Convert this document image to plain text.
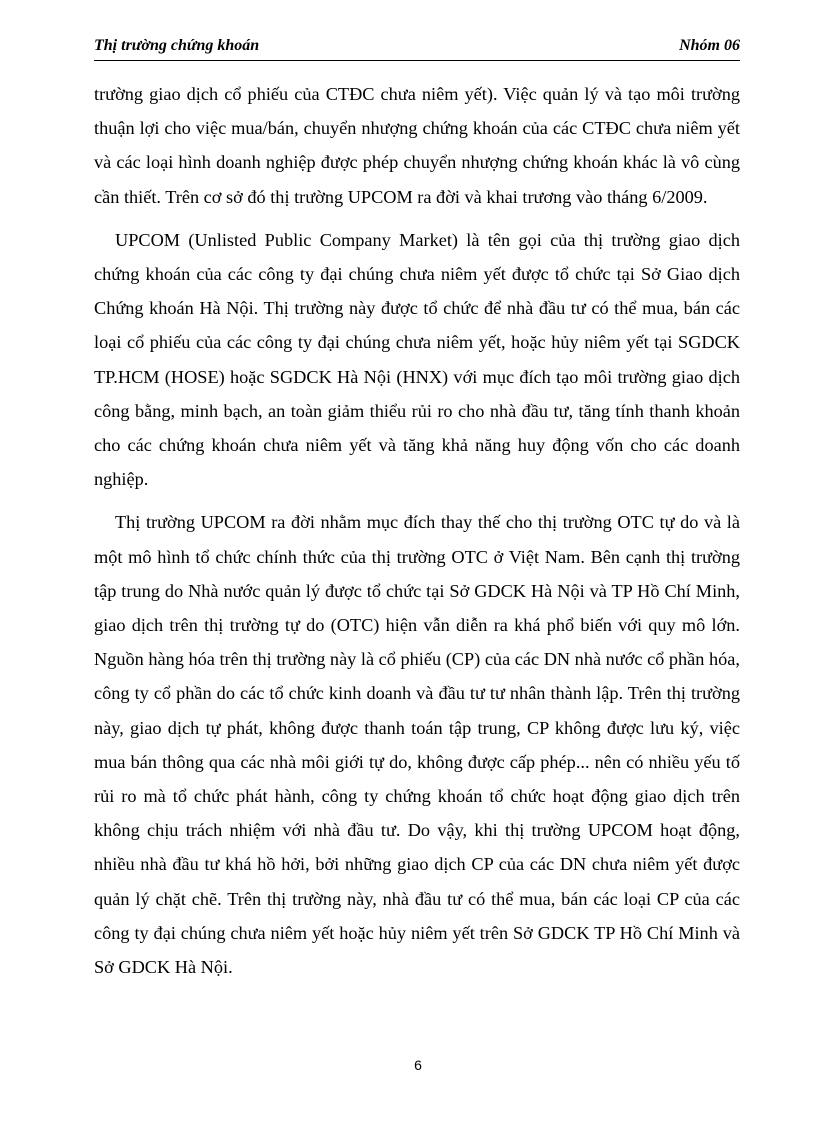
Thị trường chứng khoán	Nhóm 06

trường giao dịch cổ phiếu của CTĐC chưa niêm yết). Việc quản lý và tạo môi trường thuận lợi cho việc mua/bán, chuyển nhượng chứng khoán của các CTĐC chưa niêm yết và các loại hình doanh nghiệp được phép chuyển nhượng chứng khoán khác là vô cùng cần thiết. Trên cơ sở đó thị trường UPCOM ra đời và khai trương vào tháng 6/2009.

UPCOM (Unlisted Public Company Market) là tên gọi của thị trường giao dịch chứng khoán của các công ty đại chúng chưa niêm yết được tổ chức tại Sở Giao dịch Chứng khoán Hà Nội. Thị trường này được tổ chức để nhà đầu tư có thể mua, bán các loại cổ phiếu của các công ty đại chúng chưa niêm yết, hoặc hủy niêm yết tại SGDCK TP.HCM (HOSE) hoặc SGDCK Hà Nội (HNX) với mục đích tạo môi trường giao dịch công bằng, minh bạch, an toàn giảm thiểu rủi ro cho nhà đầu tư, tăng tính thanh khoản cho các chứng khoán chưa niêm yết và tăng khả năng huy động vốn cho các doanh nghiệp.

Thị trường UPCOM ra đời nhằm mục đích thay thế cho thị trường OTC tự do và là một mô hình tổ chức chính thức của thị trường OTC ở Việt Nam. Bên cạnh thị trường tập trung do Nhà nước quản lý được tổ chức tại Sở GDCK Hà Nội và TP Hồ Chí Minh, giao dịch trên thị trường tự do (OTC) hiện vẫn diễn ra khá phổ biến với quy mô lớn. Nguồn hàng hóa trên thị trường này là cổ phiếu (CP) của các DN nhà nước cổ phần hóa, công ty cổ phần do các tổ chức kinh doanh và đầu tư tư nhân thành lập. Trên thị trường này, giao dịch tự phát, không được thanh toán tập trung, CP không được lưu ký, việc mua bán thông qua các nhà môi giới tự do, không được cấp phép... nên có nhiều yếu tố rủi ro mà tổ chức phát hành, công ty chứng khoán tổ chức hoạt động giao dịch trên không chịu trách nhiệm với nhà đầu tư. Do vậy, khi thị trường UPCOM hoạt động, nhiều nhà đầu tư khá hồ hởi, bởi những giao dịch CP của các DN chưa niêm yết được quản lý chặt chẽ. Trên thị trường này, nhà đầu tư có thể mua, bán các loại CP của các công ty đại chúng chưa niêm yết hoặc hủy niêm yết trên Sở GDCK TP Hồ Chí Minh và Sở GDCK Hà Nội.

6
